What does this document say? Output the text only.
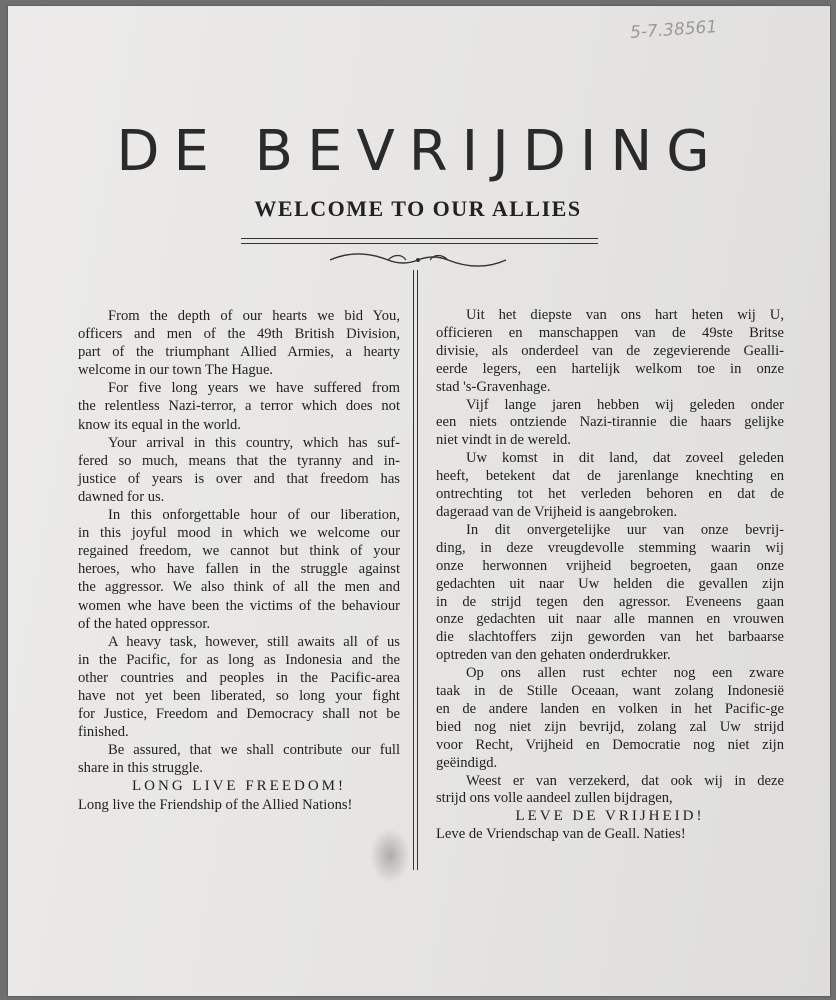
5-7.38561
DE BEVRIJDING
WELCOME TO OUR ALLIES
From the depth of our hearts we bid You,
officers and men of the 49th British Division,
part of the triumphant Allied Armies, a hearty
welcome in our town The Hague.
For five long years we have suffered from
the relentless Nazi-terror, a terror which does not
know its equal in the world.
Your arrival in this country, which has suf-
fered so much, means that the tyranny and in-
justice of years is over and that freedom has
dawned for us.
In this onforgettable hour of our liberation,
in this joyful mood in which we welcome our
regained freedom, we cannot but think of your
heroes, who have fallen in the struggle against
the aggressor. We also think of all the men and
women whe have been the victims of the behaviour
of the hated oppressor.
A heavy task, however, still awaits all of us
in the Pacific, for as long as Indonesia and the
other countries and peoples in the Pacific-area
have not yet been liberated, so long your fight
for Justice, Freedom and Democracy shall not be
finished.
Be assured, that we shall contribute our full
share in this struggle.
LONG LIVE FREEDOM!
Long live the Friendship of the Allied Nations!
Uit het diepste van ons hart heten wij U,
officieren en manschappen van de 49ste Britse
divisie, als onderdeel van de zegevierende Gealli-
eerde legers, een hartelijk welkom toe in onze
stad 's-Gravenhage.
Vijf lange jaren hebben wij geleden onder
een niets ontziende Nazi-tirannie die haars gelijke
niet vindt in de wereld.
Uw komst in dit land, dat zoveel geleden
heeft, betekent dat de jarenlange knechting en
ontrechting tot het verleden behoren en dat de
dageraad van de Vrijheid is aangebroken.
In dit onvergetelijke uur van onze bevrij-
ding, in deze vreugdevolle stemming waarin wij
onze herwonnen vrijheid begroeten, gaan onze
gedachten uit naar Uw helden die gevallen zijn
in de strijd tegen den agressor. Eveneens gaan
onze gedachten uit naar alle mannen en vrouwen
die slachtoffers zijn geworden van het barbaarse
optreden van den gehaten onderdrukker.
Op ons allen rust echter nog een zware
taak in de Stille Oceaan, want zolang Indonesië
en de andere landen en volken in het Pacific-ge
bied nog niet zijn bevrijd, zolang zal Uw strijd
voor Recht, Vrijheid en Democratie nog niet zijn
geëindigd.
Weest er van verzekerd, dat ook wij in deze
strijd ons volle aandeel zullen bijdragen,
LEVE DE VRIJHEID!
Leve de Vriendschap van de Geall. Naties!
